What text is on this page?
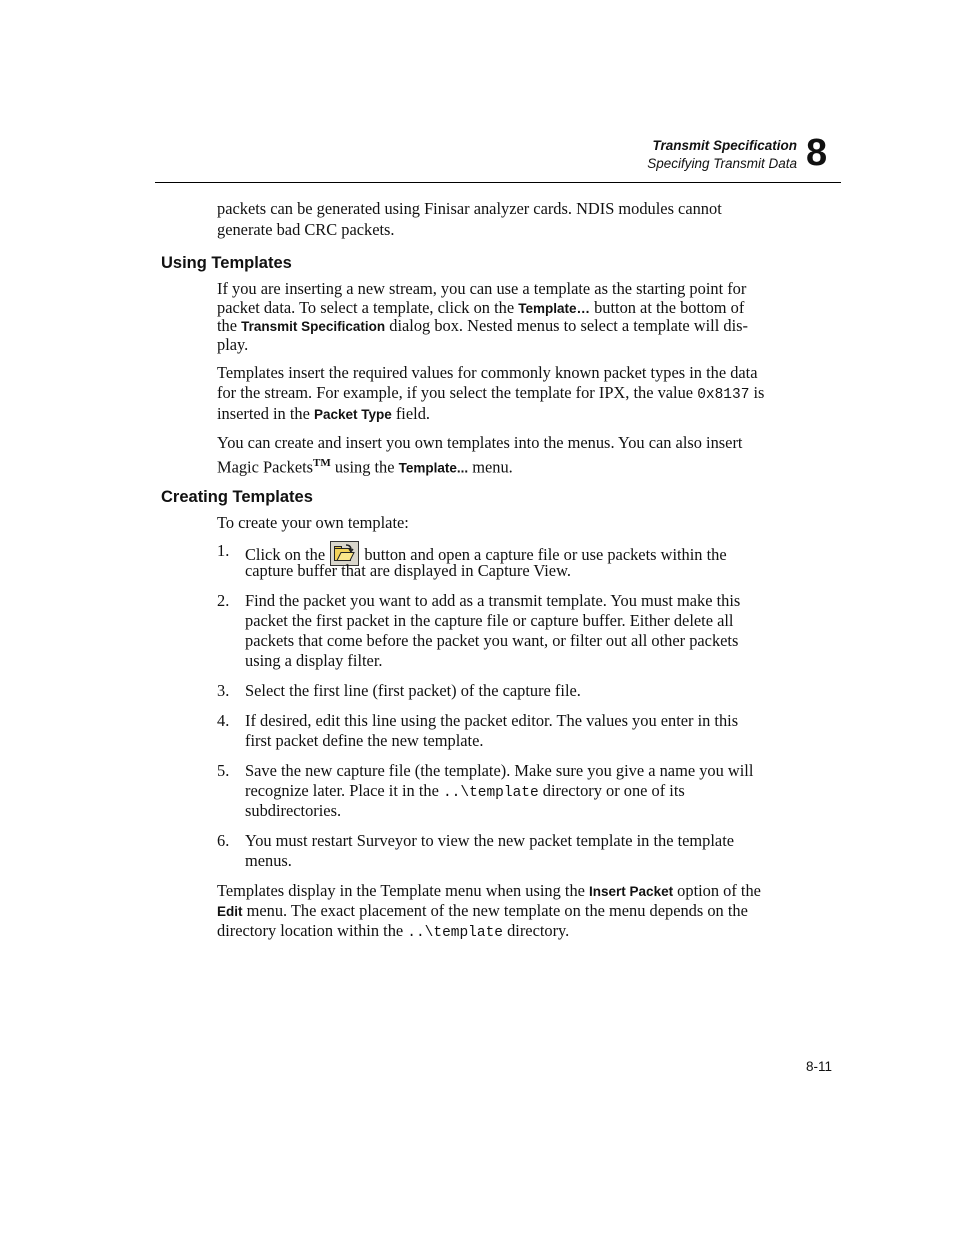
Transmit Specification
Specifying Transmit Data 8
packets can be generated using Finisar analyzer cards. NDIS modules cannot
generate bad CRC packets.
Using Templates
If you are inserting a new stream, you can use a template as the starting point for
packet data. To select a template, click on the Template… button at the bottom of
the Transmit Specification dialog box. Nested menus to select a template will dis-
play.
Templates insert the required values for commonly known packet types in the data
for the stream. For example, if you select the template for IPX, the value 0x8137 is
inserted in the Packet Type field.
You can create and insert you own templates into the menus. You can also insert
Magic Packets™ using the Template... menu.
Creating Templates
To create your own template:
1. Click on the
button and open a capture file or use packets within the
capture buffer that are displayed in Capture View.
2. Find the packet you want to add as a transmit template. You must make this
packet the first packet in the capture file or capture buffer. Either delete all
packets that come before the packet you want, or filter out all other packets
using a display filter.
3. Select the first line (first packet) of the capture file.
4. If desired, edit this line using the packet editor. The values you enter in this
first packet define the new template.
5. Save the new capture file (the template). Make sure you give a name you will
recognize later. Place it in the ..\template directory or one of its
subdirectories.
6. You must restart Surveyor to view the new packet template in the template
menus.
Templates display in the Template menu when using the Insert Packet option of the
Edit menu. The exact placement of the new template on the menu depends on the
directory location within the ..\template directory.
8-11
